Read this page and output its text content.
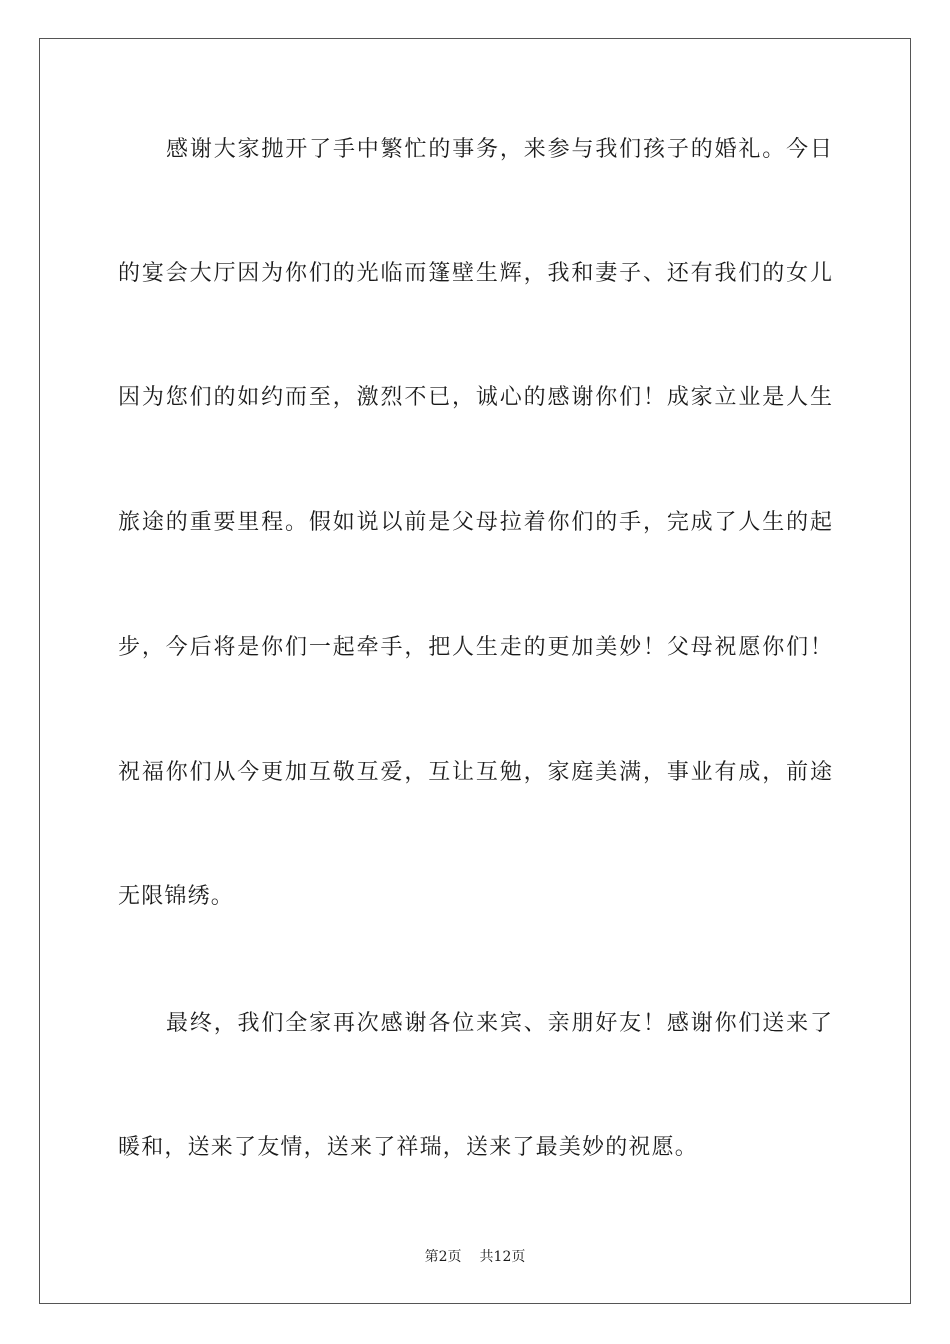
感谢大家抛开了手中繁忙的事务，来参与我们孩子的婚礼。今日
的宴会大厅因为你们的光临而篷壁生辉，我和妻子、还有我们的女儿
因为您们的如约而至，激烈不已，诚心的感谢你们！成家立业是人生
旅途的重要里程。假如说以前是父母拉着你们的手，完成了人生的起
步，今后将是你们一起牵手，把人生走的更加美妙！父母祝愿你们！
祝福你们从今更加互敬互爱，互让互勉，家庭美满，事业有成，前途
无限锦绣。
最终，我们全家再次感谢各位来宾、亲朋好友！感谢你们送来了
暖和，送来了友情，送来了祥瑞，送来了最美妙的祝愿。
第2页 共12页
